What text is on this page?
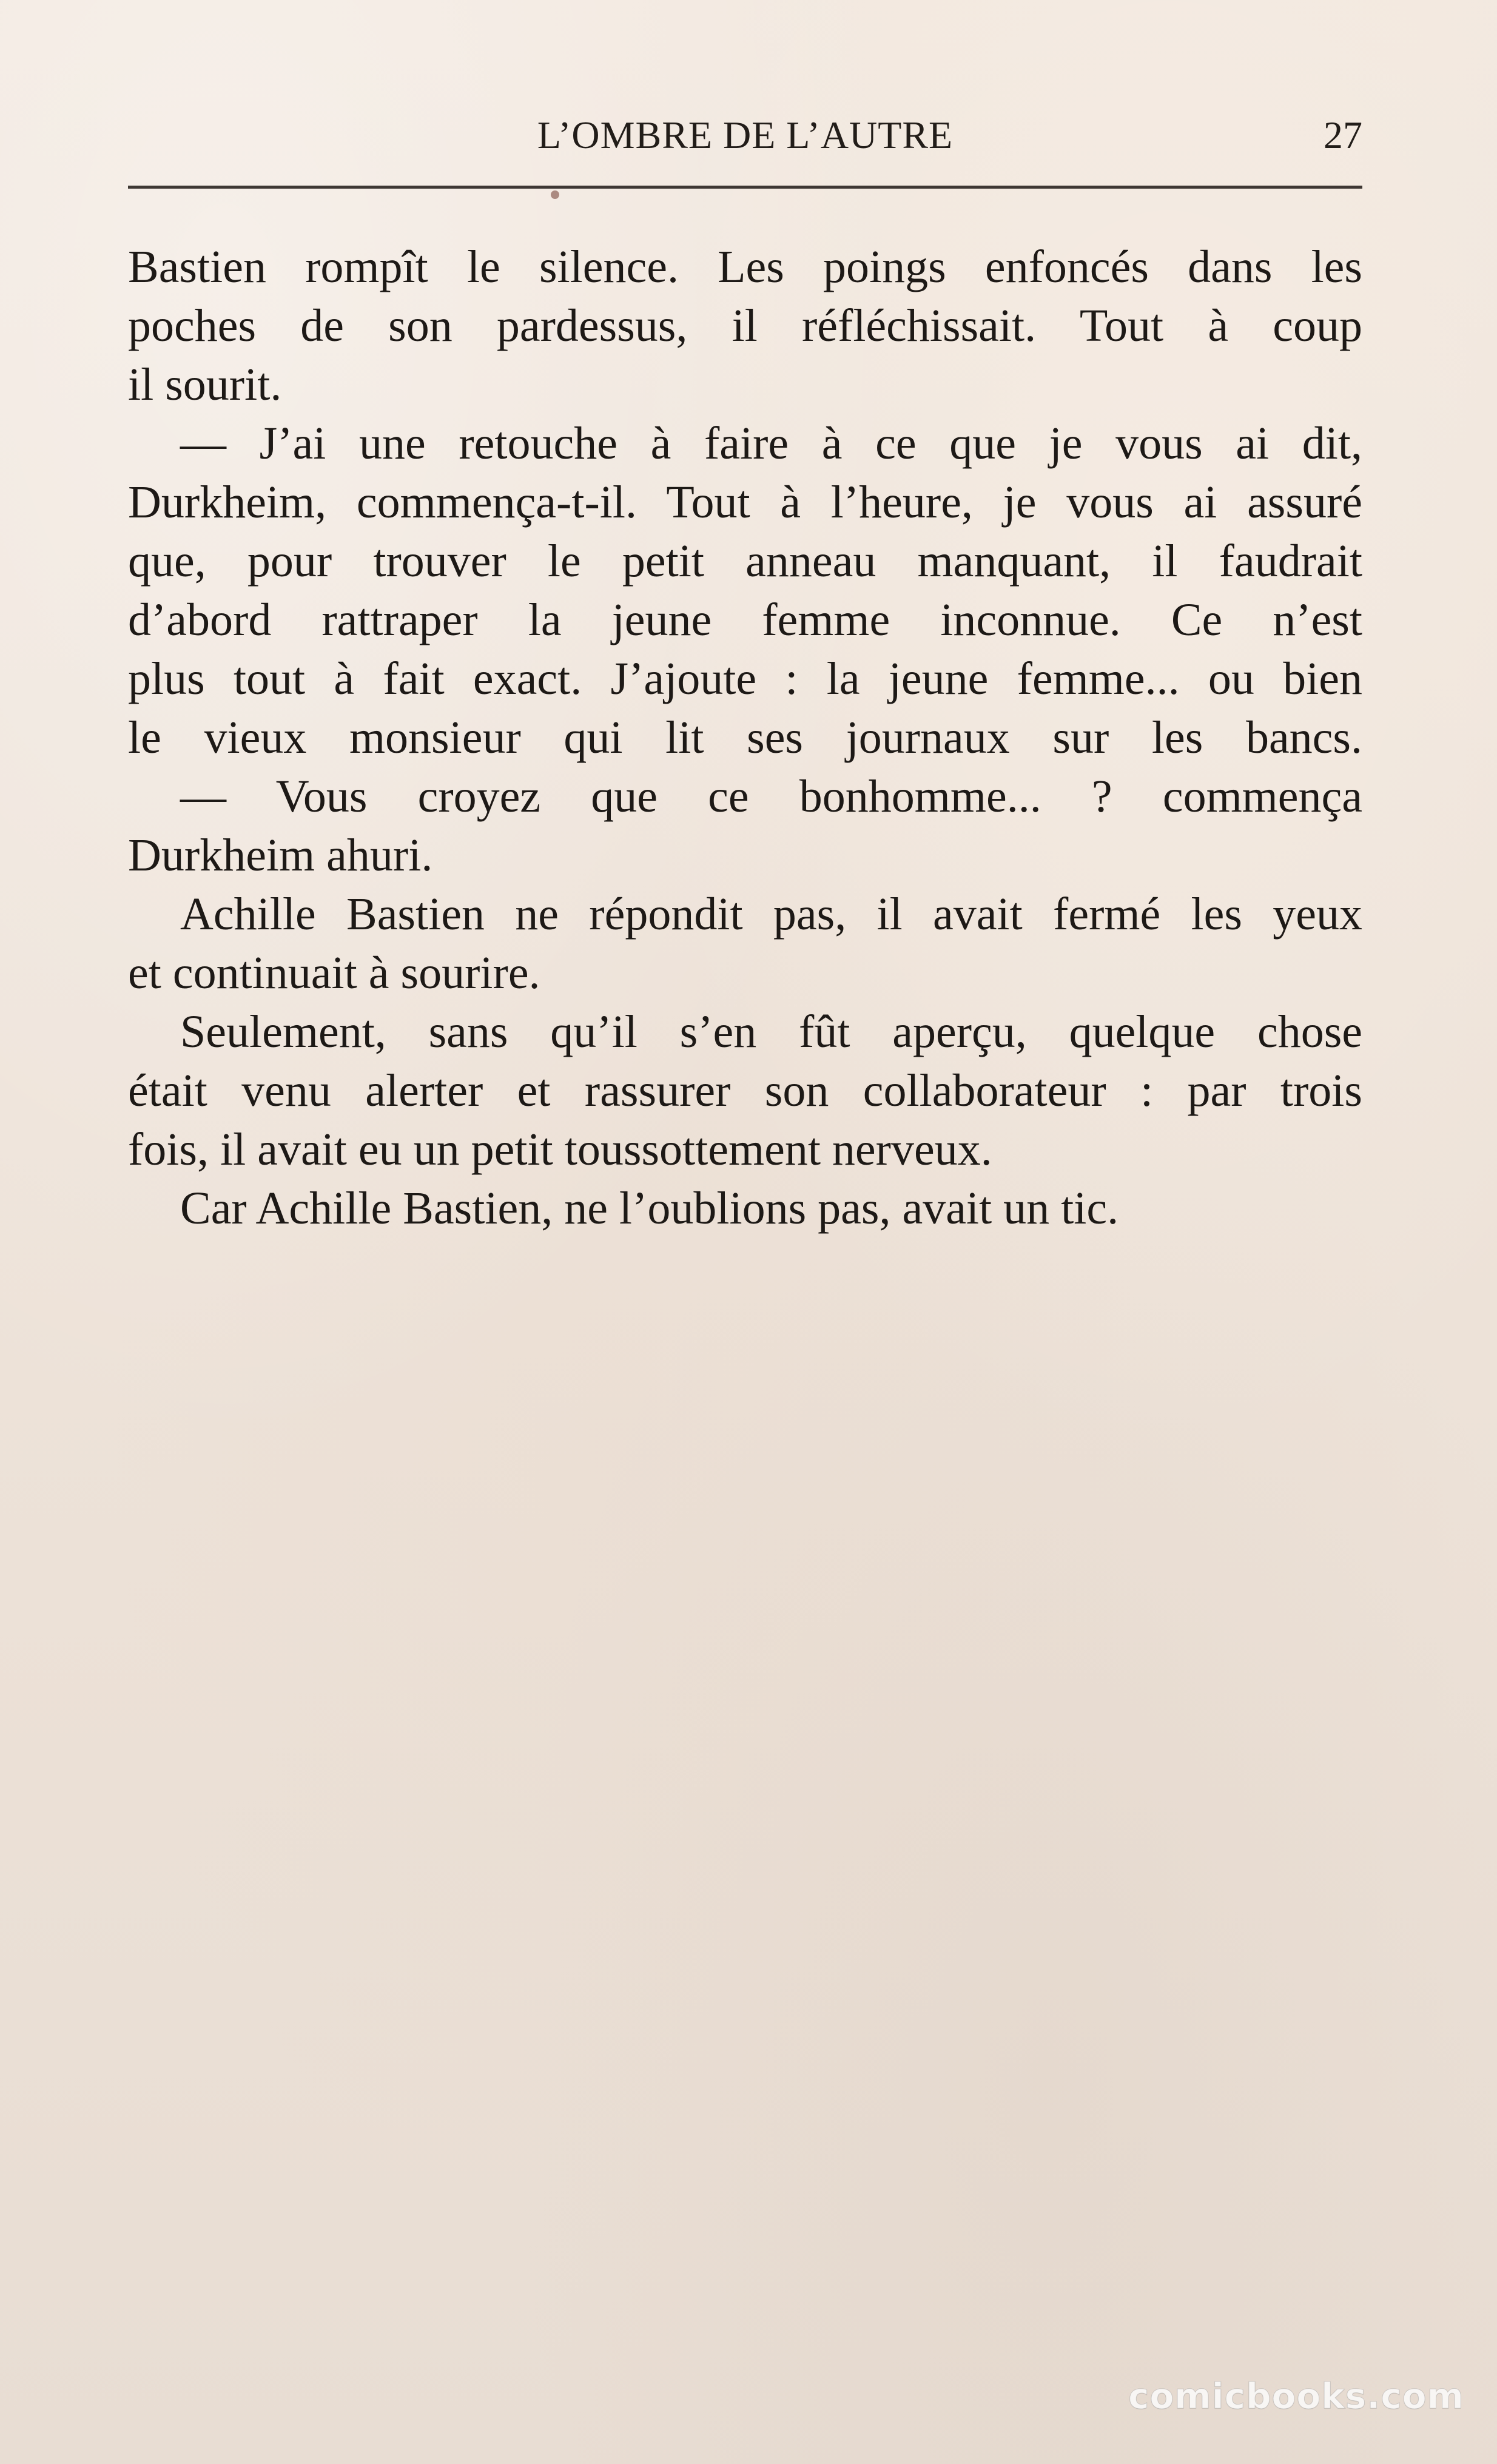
L’OMBRE DE L’AUTRE	27
Bastien rompît le silence. Les poings enfoncés dans les
poches de son pardessus, il réfléchissait. Tout à coup
il sourit.
— J’ai une retouche à faire à ce que je vous ai dit,
Durkheim, commença-t-il. Tout à l’heure, je vous ai assuré
que, pour trouver le petit anneau manquant, il faudrait
d’abord rattraper la jeune femme inconnue. Ce n’est
plus tout à fait exact. J’ajoute : la jeune femme... ou bien
le vieux monsieur qui lit ses journaux sur les bancs.
— Vous croyez que ce bonhomme... ? commença
Durkheim ahuri.
Achille Bastien ne répondit pas, il avait fermé les yeux
et continuait à sourire.
Seulement, sans qu’il s’en fût aperçu, quelque chose
était venu alerter et rassurer son collaborateur : par trois
fois, il avait eu un petit toussottement nerveux.
Car Achille Bastien, ne l’oublions pas, avait un tic.
comicbooks.com
